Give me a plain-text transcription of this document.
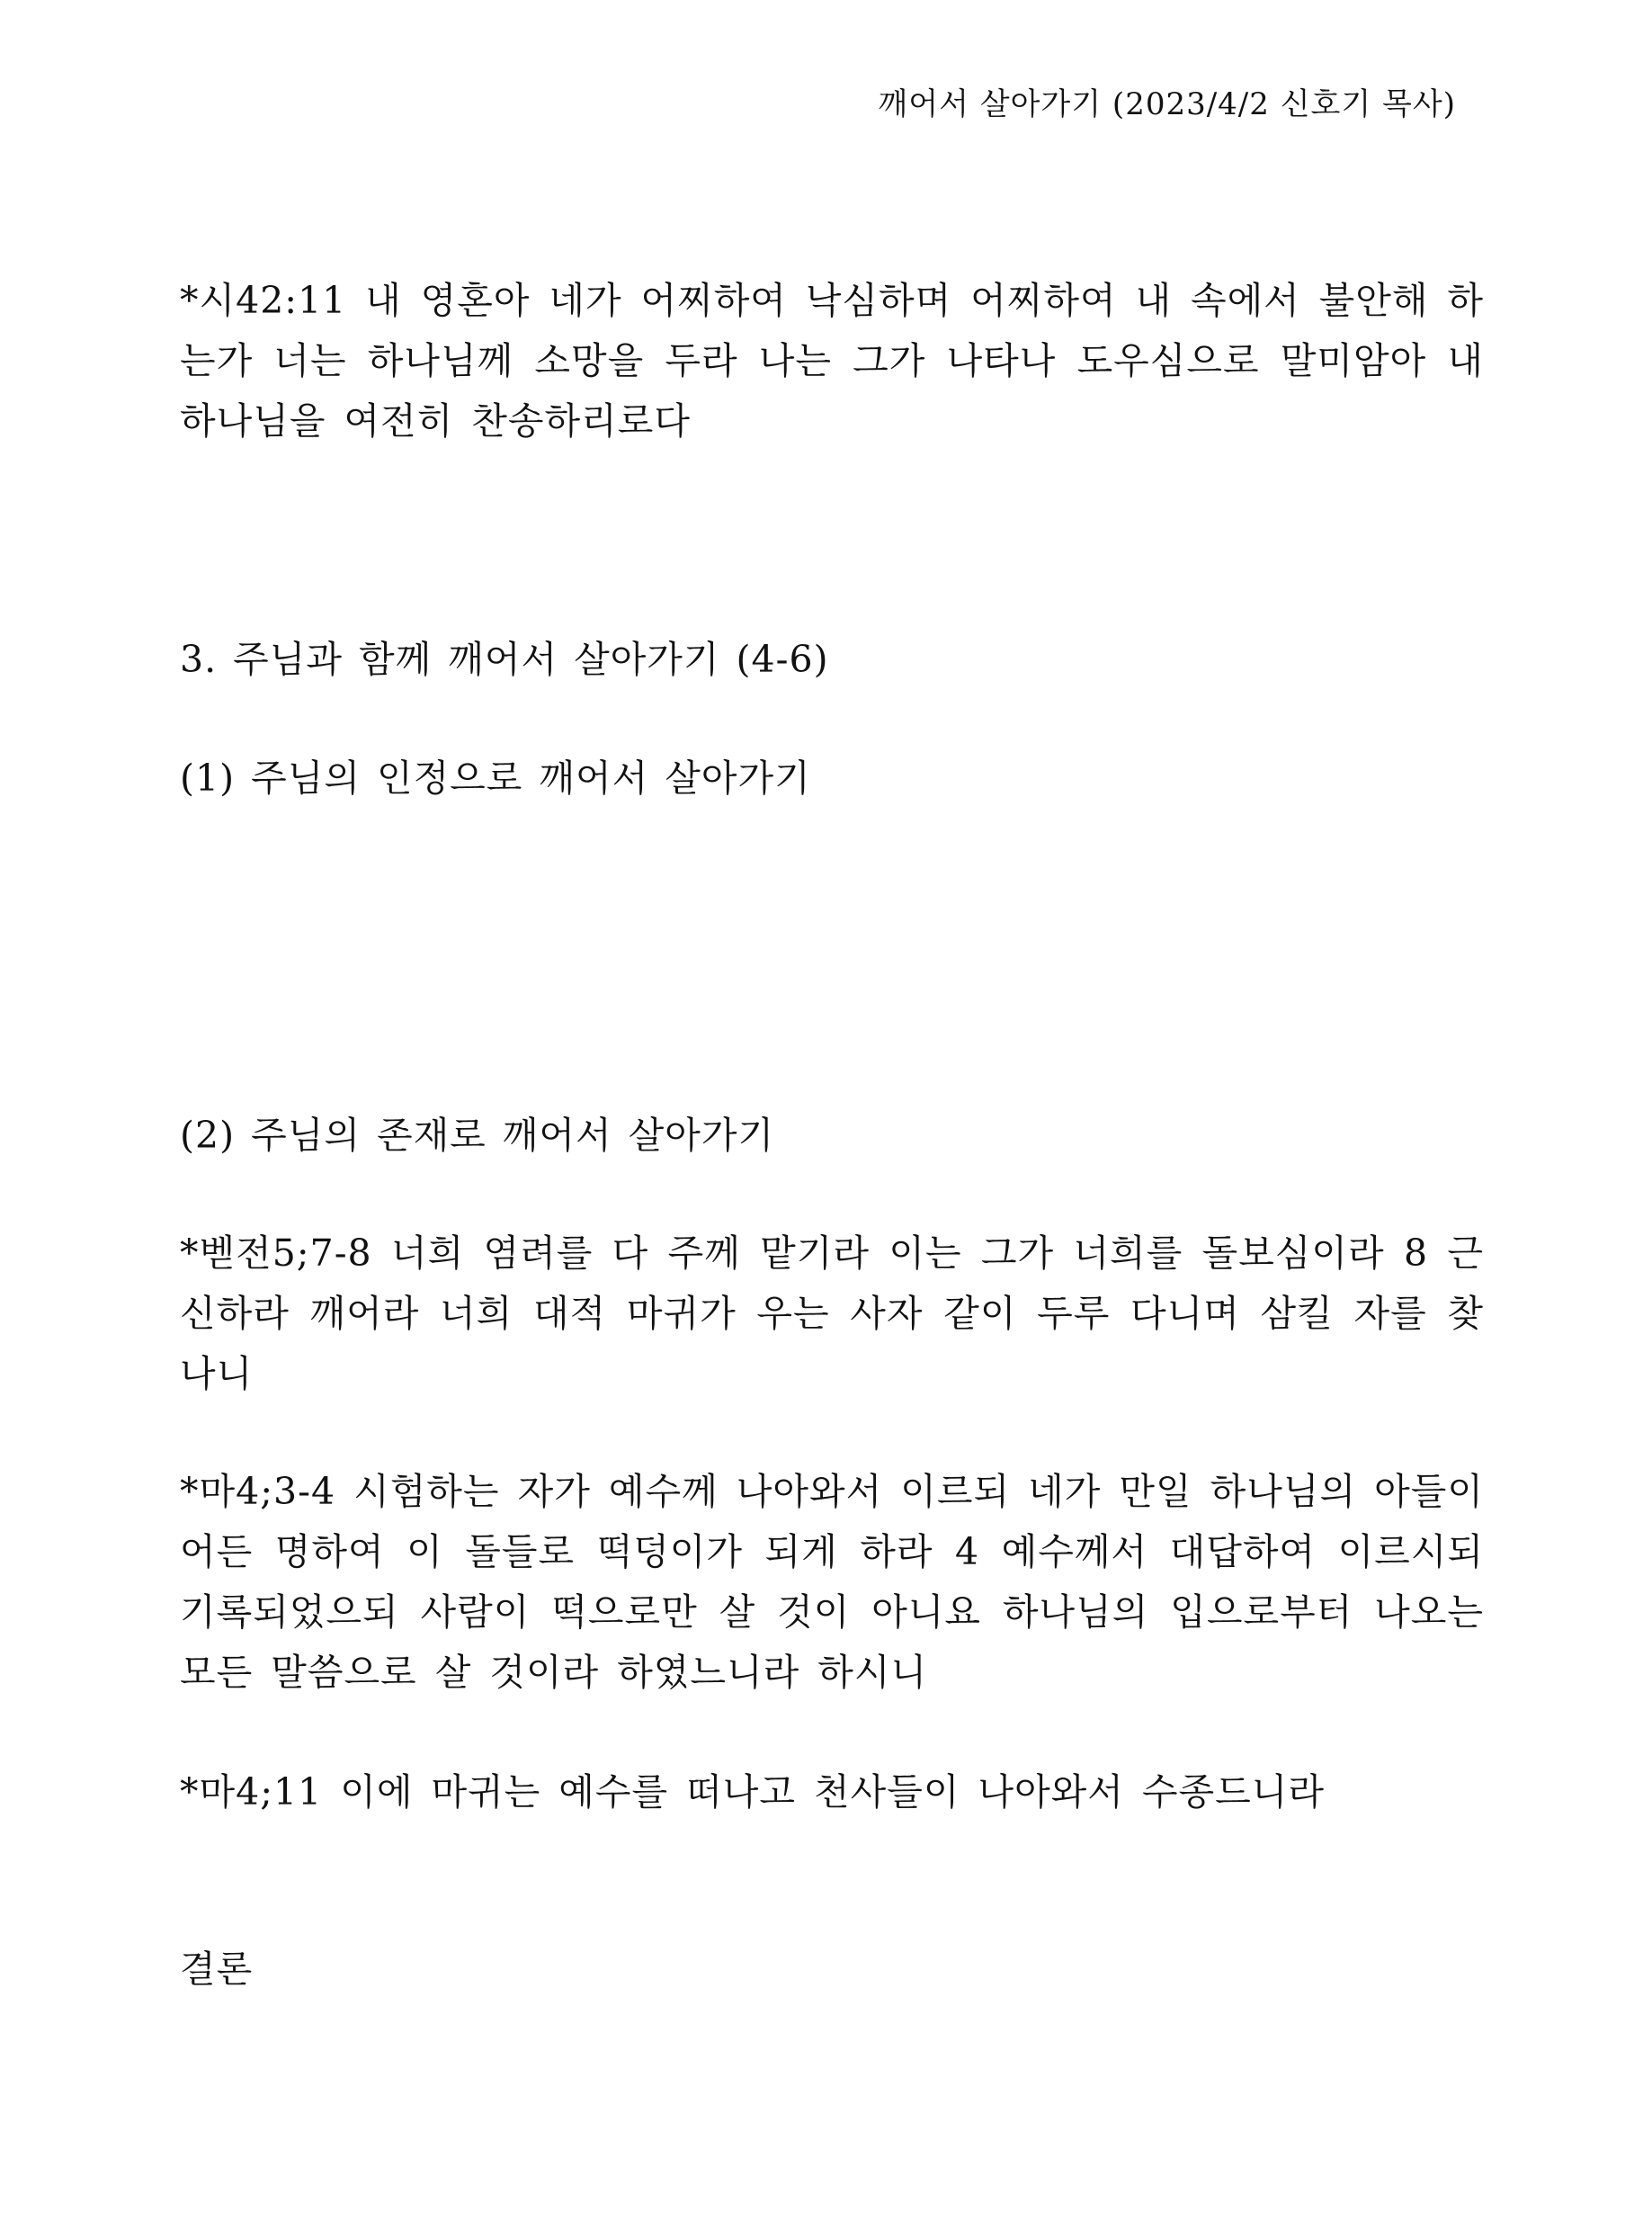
깨어서 살아가기 (2023/4/2 신호기 목사)
*시42:11 내 영혼아 네가 어찌하여 낙심하며 어찌하여 내 속에서 불안해 하는가 너는 하나님께 소망을 두라 나는 그가 나타나 도우심으로 말미암아 내 하나님을 여전히 찬송하리로다
3. 주님과 함께 깨어서 살아가기 (4-6)
(1) 주님의 인정으로 깨어서 살아가기
(2) 주님의 존재로 깨어서 살아가기
*벧전5;7-8 너희 염려를 다 주께 맡기라 이는 그가 너희를 돌보심이라 8 근신하라 깨어라 너희 대적 마귀가 우는 사자 같이 두루 다니며 삼킬 자를 찾나니
*마4;3-4 시험하는 자가 예수께 나아와서 이르되 네가 만일 하나님의 아들이어든 명하여 이 돌들로 떡덩이가 되게 하라 4 예수께서 대답하여 이르시되 기록되었으되 사람이 떡으로만 살 것이 아니요 하나님의 입으로부터 나오는 모든 말씀으로 살 것이라 하였느니라 하시니
*마4;11 이에 마귀는 예수를 떠나고 천사들이 나아와서 수종드니라
결론
